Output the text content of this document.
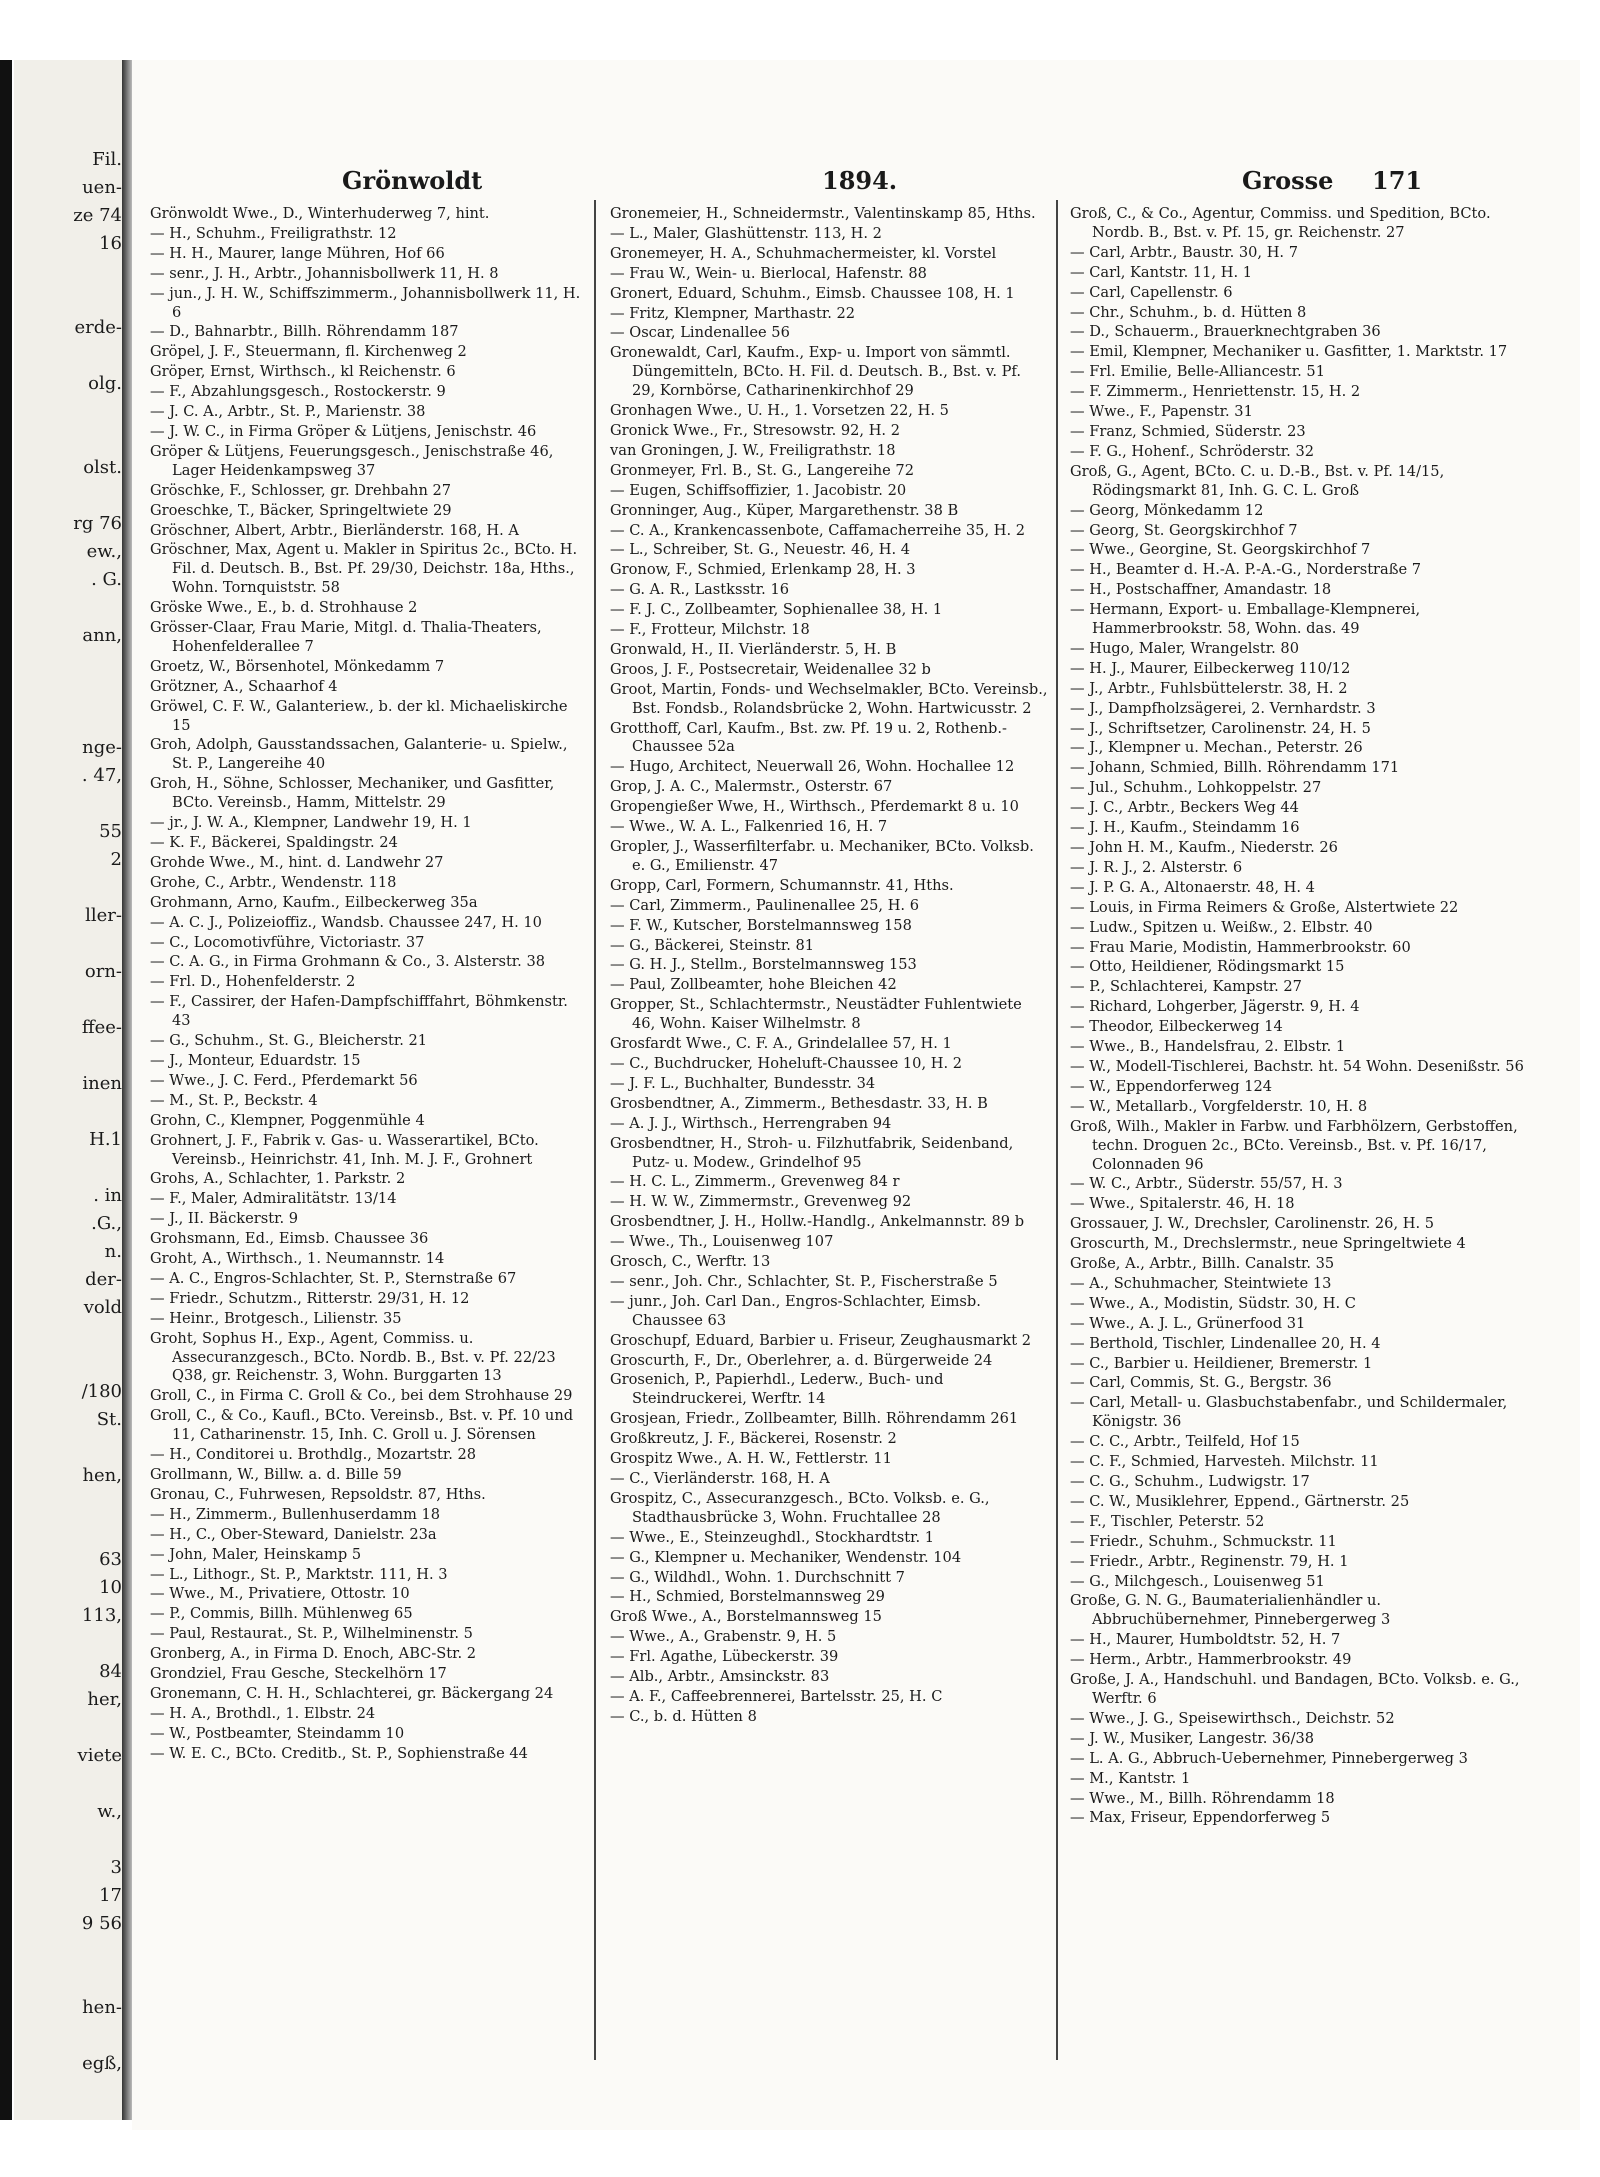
Fil.
uen-
ze 74
16
erde-
olg.
olst.
rg 76
ew.,
. G.
ann,
nge-
. 47,
55
2
ller-
orn-
ffee-
inen
H.1
. in
.G.,
n.
der-
vold
/180
St.
hen,
63
10
113,
84
her,
viete
w.,
3
17
9 56
hen-
egß,
Grönwoldt	1894.	Grosse 171
Grönwoldt Wwe., D., Winterhuderweg 7, hint.
— H., Schuhm., Freiligrathstr. 12
— H. H., Maurer, lange Mühren, Hof 66
— senr., J. H., Arbtr., Johannisbollwerk 11, H. 8
— jun., J. H. W., Schiffszimmerm., Johannisbollwerk 11, H. 6
— D., Bahnarbtr., Billh. Röhrendamm 187
Gröpel, J. F., Steuermann, fl. Kirchenweg 2
Gröper, Ernst, Wirthsch., kl Reichenstr. 6
— F., Abzahlungsgesch., Rostockerstr. 9
— J. C. A., Arbtr., St. P., Marienstr. 38
— J. W. C., in Firma Gröper & Lütjens, Jenischstr. 46
Gröper & Lütjens, Feuerungsgesch., Jenischstraße 46, Lager Heidenkampsweg 37
Gröschke, F., Schlosser, gr. Drehbahn 27
Groeschke, T., Bäcker, Springeltwiete 29
Gröschner, Albert, Arbtr., Bierländerstr. 168, H. A
Gröschner, Max, Agent u. Makler in Spiritus 2c., BCto. H. Fil. d. Deutsch. B., Bst. Pf. 29/30, Deichstr. 18a, Hths., Wohn. Tornquiststr. 58
Gröske Wwe., E., b. d. Strohhause 2
Grösser-Claar, Frau Marie, Mitgl. d. Thalia-Theaters, Hohenfelderallee 7
Groetz, W., Börsenhotel, Mönkedamm 7
Grötzner, A., Schaarhof 4
Gröwel, C. F. W., Galanteriew., b. der kl. Michaeliskirche 15
Groh, Adolph, Gausstandssachen, Galanterie- u. Spielw., St. P., Langereihe 40
Groh, H., Söhne, Schlosser, Mechaniker, und Gasfitter, BCto. Vereinsb., Hamm, Mittelstr. 29
— jr., J. W. A., Klempner, Landwehr 19, H. 1
— K. F., Bäckerei, Spaldingstr. 24
Grohde Wwe., M., hint. d. Landwehr 27
Grohe, C., Arbtr., Wendenstr. 118
Grohmann, Arno, Kaufm., Eilbeckerweg 35a
— A. C. J., Polizeioffiz., Wandsb. Chaussee 247, H. 10
— C., Locomotivführe, Victoriastr. 37
— C. A. G., in Firma Grohmann & Co., 3. Alsterstr. 38
— Frl. D., Hohenfelderstr. 2
— F., Cassirer, der Hafen-Dampfschifffahrt, Böhmkenstr. 43
— G., Schuhm., St. G., Bleicherstr. 21
— J., Monteur, Eduardstr. 15
— Wwe., J. C. Ferd., Pferdemarkt 56
— M., St. P., Beckstr. 4
Grohn, C., Klempner, Poggenmühle 4
Grohnert, J. F., Fabrik v. Gas- u. Wasserartikel, BCto. Vereinsb., Heinrichstr. 41, Inh. M. J. F., Grohnert
Grohs, A., Schlachter, 1. Parkstr. 2
— F., Maler, Admiralitätstr. 13/14
— J., II. Bäckerstr. 9
Grohsmann, Ed., Eimsb. Chaussee 36
Groht, A., Wirthsch., 1. Neumannstr. 14
— A. C., Engros-Schlachter, St. P., Sternstraße 67
— Friedr., Schutzm., Ritterstr. 29/31, H. 12
— Heinr., Brotgesch., Lilienstr. 35
Groht, Sophus H., Exp., Agent, Commiss. u. Assecuranzgesch., BCto. Nordb. B., Bst. v. Pf. 22/23 Q38, gr. Reichenstr. 3, Wohn. Burggarten 13
Groll, C., in Firma C. Groll & Co., bei dem Strohhause 29
Groll, C., & Co., Kaufl., BCto. Vereinsb., Bst. v. Pf. 10 und 11, Catharinenstr. 15, Inh. C. Groll u. J. Sörensen
— H., Conditorei u. Brothdlg., Mozartstr. 28
Grollmann, W., Billw. a. d. Bille 59
Gronau, C., Fuhrwesen, Repsoldstr. 87, Hths.
— H., Zimmerm., Bullenhuserdamm 18
— H., C., Ober-Steward, Danielstr. 23a
— John, Maler, Heinskamp 5
— L., Lithogr., St. P., Marktstr. 111, H. 3
— Wwe., M., Privatiere, Ottostr. 10
— P., Commis, Billh. Mühlenweg 65
— Paul, Restaurat., St. P., Wilhelminenstr. 5
Gronberg, A., in Firma D. Enoch, ABC-Str. 2
Grondziel, Frau Gesche, Steckelhörn 17
Gronemann, C. H. H., Schlachterei, gr. Bäckergang 24
— H. A., Brothdl., 1. Elbstr. 24
— W., Postbeamter, Steindamm 10
— W. E. C., BCto. Creditb., St. P., Sophienstraße 44
Gronemeier, H., Schneidermstr., Valentinskamp 85, Hths.
— L., Maler, Glashüttenstr. 113, H. 2
Gronemeyer, H. A., Schuhmachermeister, kl. Vorstel
— Frau W., Wein- u. Bierlocal, Hafenstr. 88
Gronert, Eduard, Schuhm., Eimsb. Chaussee 108, H. 1
— Fritz, Klempner, Marthastr. 22
— Oscar, Lindenallee 56
Gronewaldt, Carl, Kaufm., Exp- u. Import von sämmtl. Düngemitteln, BCto. H. Fil. d. Deutsch. B., Bst. v. Pf. 29, Kornbörse, Catharinenkirchhof 29
Gronhagen Wwe., U. H., 1. Vorsetzen 22, H. 5
Gronick Wwe., Fr., Stresowstr. 92, H. 2
van Groningen, J. W., Freiligrathstr. 18
Gronmeyer, Frl. B., St. G., Langereihe 72
— Eugen, Schiffsoffizier, 1. Jacobistr. 20
Gronninger, Aug., Küper, Margarethenstr. 38 B
— C. A., Krankencassenbote, Caffamacherreihe 35, H. 2
— L., Schreiber, St. G., Neuestr. 46, H. 4
Gronow, F., Schmied, Erlenkamp 28, H. 3
— G. A. R., Lastksstr. 16
— F. J. C., Zollbeamter, Sophienallee 38, H. 1
— F., Frotteur, Milchstr. 18
Gronwald, H., II. Vierländerstr. 5, H. B
Groos, J. F., Postsecretair, Weidenallee 32 b
Groot, Martin, Fonds- und Wechselmakler, BCto. Vereinsb., Bst. Fondsb., Rolandsbrücke 2, Wohn. Hartwicusstr. 2
Grotthoff, Carl, Kaufm., Bst. zw. Pf. 19 u. 2, Rothenb.-Chaussee 52a
— Hugo, Architect, Neuerwall 26, Wohn. Hochallee 12
Grop, J. A. C., Malermstr., Osterstr. 67
Gropengießer Wwe, H., Wirthsch., Pferdemarkt 8 u. 10
— Wwe., W. A. L., Falkenried 16, H. 7
Gropler, J., Wasserfilterfabr. u. Mechaniker, BCto. Volksb. e. G., Emilienstr. 47
Gropp, Carl, Formern, Schumannstr. 41, Hths.
— Carl, Zimmerm., Paulinenallee 25, H. 6
— F. W., Kutscher, Borstelmannsweg 158
— G., Bäckerei, Steinstr. 81
— G. H. J., Stellm., Borstelmannsweg 153
— Paul, Zollbeamter, hohe Bleichen 42
Gropper, St., Schlachtermstr., Neustädter Fuhlentwiete 46, Wohn. Kaiser Wilhelmstr. 8
Grosfardt Wwe., C. F. A., Grindelallee 57, H. 1
— C., Buchdrucker, Hoheluft-Chaussee 10, H. 2
— J. F. L., Buchhalter, Bundesstr. 34
Grosbendtner, A., Zimmerm., Bethesdastr. 33, H. B
— A. J. J., Wirthsch., Herrengraben 94
Grosbendtner, H., Stroh- u. Filzhutfabrik, Seidenband, Putz- u. Modew., Grindelhof 95
— H. C. L., Zimmerm., Grevenweg 84 r
— H. W. W., Zimmermstr., Grevenweg 92
Grosbendtner, J. H., Hollw.-Handlg., Ankelmannstr. 89 b
— Wwe., Th., Louisenweg 107
Grosch, C., Werftr. 13
— senr., Joh. Chr., Schlachter, St. P., Fischerstraße 5
— junr., Joh. Carl Dan., Engros-Schlachter, Eimsb. Chaussee 63
Groschupf, Eduard, Barbier u. Friseur, Zeughausmarkt 2
Groscurth, F., Dr., Oberlehrer, a. d. Bürgerweide 24
Grosenich, P., Papierhdl., Lederw., Buch- und Steindruckerei, Werftr. 14
Grosjean, Friedr., Zollbeamter, Billh. Röhrendamm 261
Großkreutz, J. F., Bäckerei, Rosenstr. 2
Grospitz Wwe., A. H. W., Fettlerstr. 11
— C., Vierländerstr. 168, H. A
Grospitz, C., Assecuranzgesch., BCto. Volksb. e. G., Stadthausbrücke 3, Wohn. Fruchtallee 28
— Wwe., E., Steinzeughdl., Stockhardtstr. 1
— G., Klempner u. Mechaniker, Wendenstr. 104
— G., Wildhdl., Wohn. 1. Durchschnitt 7
— H., Schmied, Borstelmannsweg 29
Groß Wwe., A., Borstelmannsweg 15
— Wwe., A., Grabenstr. 9, H. 5
— Frl. Agathe, Lübeckerstr. 39
— Alb., Arbtr., Amsinckstr. 83
— A. F., Caffeebrennerei, Bartelsstr. 25, H. C
— C., b. d. Hütten 8
Groß, C., & Co., Agentur, Commiss. und Spedition, BCto. Nordb. B., Bst. v. Pf. 15, gr. Reichenstr. 27
— Carl, Arbtr., Baustr. 30, H. 7
— Carl, Kantstr. 11, H. 1
— Carl, Capellenstr. 6
— Chr., Schuhm., b. d. Hütten 8
— D., Schauerm., Brauerknechtgraben 36
— Emil, Klempner, Mechaniker u. Gasfitter, 1. Marktstr. 17
— Frl. Emilie, Belle-Alliancestr. 51
— F. Zimmerm., Henriettenstr. 15, H. 2
— Wwe., F., Papenstr. 31
— Franz, Schmied, Süderstr. 23
— F. G., Hohenf., Schröderstr. 32
Groß, G., Agent, BCto. C. u. D.-B., Bst. v. Pf. 14/15, Rödingsmarkt 81, Inh. G. C. L. Groß
— Georg, Mönkedamm 12
— Georg, St. Georgskirchhof 7
— Wwe., Georgine, St. Georgskirchhof 7
— H., Beamter d. H.-A. P.-A.-G., Norderstraße 7
— H., Postschaffner, Amandastr. 18
— Hermann, Export- u. Emballage-Klempnerei, Hammerbrookstr. 58, Wohn. das. 49
— Hugo, Maler, Wrangelstr. 80
— H. J., Maurer, Eilbeckerweg 110/12
— J., Arbtr., Fuhlsbüttelerstr. 38, H. 2
— J., Dampfholzsägerei, 2. Vernhardstr. 3
— J., Schriftsetzer, Carolinenstr. 24, H. 5
— J., Klempner u. Mechan., Peterstr. 26
— Johann, Schmied, Billh. Röhrendamm 171
— Jul., Schuhm., Lohkoppelstr. 27
— J. C., Arbtr., Beckers Weg 44
— J. H., Kaufm., Steindamm 16
— John H. M., Kaufm., Niederstr. 26
— J. R. J., 2. Alsterstr. 6
— J. P. G. A., Altonaerstr. 48, H. 4
— Louis, in Firma Reimers & Große, Alstertwiete 22
— Ludw., Spitzen u. Weißw., 2. Elbstr. 40
— Frau Marie, Modistin, Hammerbrookstr. 60
— Otto, Heildiener, Rödingsmarkt 15
— P., Schlachterei, Kampstr. 27
— Richard, Lohgerber, Jägerstr. 9, H. 4
— Theodor, Eilbeckerweg 14
— Wwe., B., Handelsfrau, 2. Elbstr. 1
— W., Modell-Tischlerei, Bachstr. ht. 54 Wohn. Desenißstr. 56
— W., Eppendorferweg 124
— W., Metallarb., Vorgfelderstr. 10, H. 8
Groß, Wilh., Makler in Farbw. und Farbhölzern, Gerbstoffen, techn. Droguen 2c., BCto. Vereinsb., Bst. v. Pf. 16/17, Colonnaden 96
— W. C., Arbtr., Süderstr. 55/57, H. 3
— Wwe., Spitalerstr. 46, H. 18
Grossauer, J. W., Drechsler, Carolinenstr. 26, H. 5
Groscurth, M., Drechslermstr., neue Springeltwiete 4
Große, A., Arbtr., Billh. Canalstr. 35
— A., Schuhmacher, Steintwiete 13
— Wwe., A., Modistin, Südstr. 30, H. C
— Wwe., A. J. L., Grünerfood 31
— Berthold, Tischler, Lindenallee 20, H. 4
— C., Barbier u. Heildiener, Bremerstr. 1
— Carl, Commis, St. G., Bergstr. 36
— Carl, Metall- u. Glasbuchstabenfabr., und Schildermaler, Königstr. 36
— C. C., Arbtr., Teilfeld, Hof 15
— C. F., Schmied, Harvesteh. Milchstr. 11
— C. G., Schuhm., Ludwigstr. 17
— C. W., Musiklehrer, Eppend., Gärtnerstr. 25
— F., Tischler, Peterstr. 52
— Friedr., Schuhm., Schmuckstr. 11
— Friedr., Arbtr., Reginenstr. 79, H. 1
— G., Milchgesch., Louisenweg 51
Große, G. N. G., Baumaterialienhändler u. Abbruchübernehmer, Pinnebergerweg 3
— H., Maurer, Humboldtstr. 52, H. 7
— Herm., Arbtr., Hammerbrookstr. 49
Große, J. A., Handschuhl. und Bandagen, BCto. Volksb. e. G., Werftr. 6
— Wwe., J. G., Speisewirthsch., Deichstr. 52
— J. W., Musiker, Langestr. 36/38
— L. A. G., Abbruch-Uebernehmer, Pinnebergerweg 3
— M., Kantstr. 1
— Wwe., M., Billh. Röhrendamm 18
— Max, Friseur, Eppendorferweg 5
